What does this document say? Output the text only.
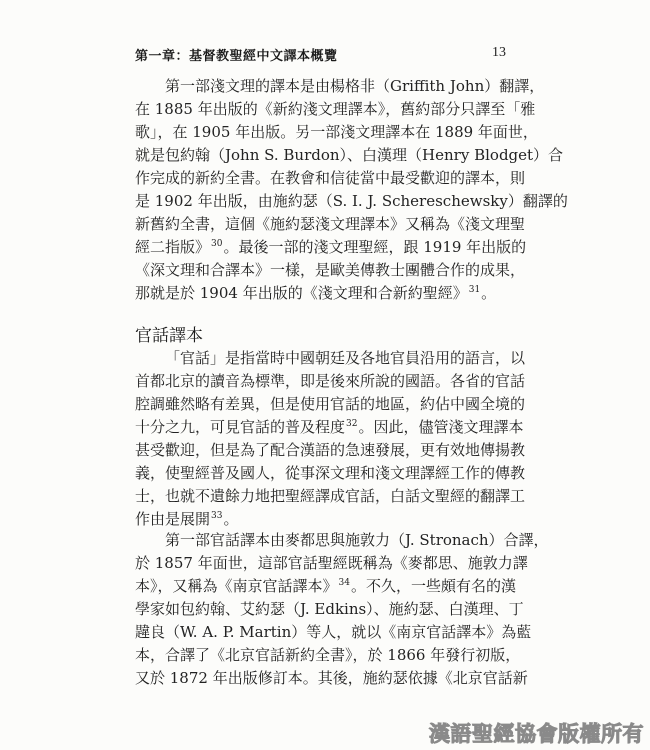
第一章：基督教聖經中文譯本概覽	13
第一部淺文理的譯本是由楊格非（Griffith John）翻譯，
在 1885 年出版的《新約淺文理譯本》，舊約部分只譯至「雅
歌」，在 1905 年出版。另一部淺文理譯本在 1889 年面世，
就是包約翰（John S. Burdon）、白漢理（Henry Blodget）合
作完成的新約全書。在教會和信徒當中最受歡迎的譯本，則
是 1902 年出版，由施約瑟（S. I. J. Schereschewsky）翻譯的
新舊約全書，這個《施約瑟淺文理譯本》又稱為《淺文理聖
經二指版》$^{30}$。最後一部的淺文理聖經，跟 1919 年出版的
《深文理和合譯本》一樣，是歐美傳教士團體合作的成果，
那就是於 1904 年出版的《淺文理和合新約聖經》$^{31}$。
官話譯本
「官話」是指當時中國朝廷及各地官員沿用的語言，以
首都北京的讀音為標準，即是後來所說的國語。各省的官話
腔調雖然略有差異，但是使用官話的地區，約佔中國全境的
十分之九，可見官話的普及程度$^{32}$。因此，儘管淺文理譯本
甚受歡迎，但是為了配合漢語的急速發展，更有效地傳揚教
義，使聖經普及國人，從事深文理和淺文理譯經工作的傳教
士，也就不遺餘力地把聖經譯成官話，白話文聖經的翻譯工
作由是展開$^{33}$。
第一部官話譯本由麥都思與施敦力（J. Stronach）合譯，
於 1857 年面世，這部官話聖經既稱為《麥都思、施敦力譯
本》，又稱為《南京官話譯本》$^{34}$。不久，一些頗有名的漢
學家如包約翰、艾約瑟（J. Edkins）、施約瑟、白漢理、丁
韙良（W. A. P. Martin）等人，就以《南京官話譯本》為藍
本，合譯了《北京官話新約全書》，於 1866 年發行初版，
又於 1872 年出版修訂本。其後，施約瑟依據《北京官話新
漢語聖經協會版權所有
